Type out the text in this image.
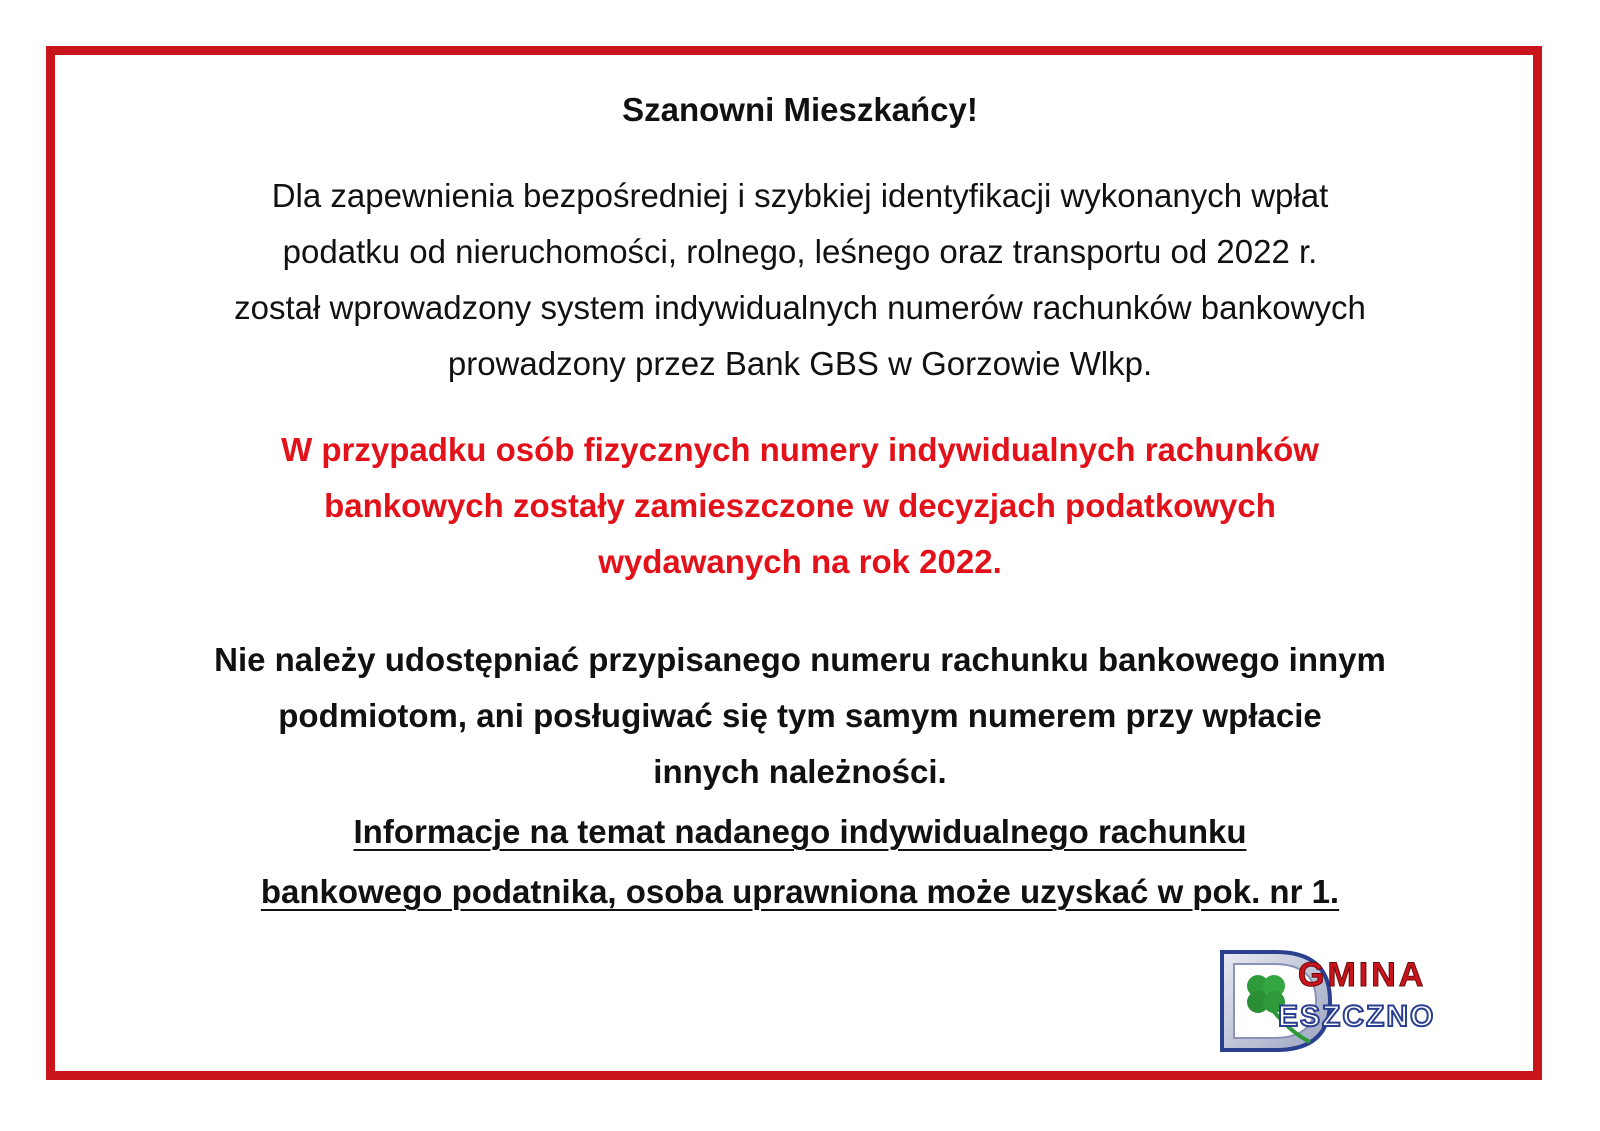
Szanowni Mieszkańcy!

Dla zapewnienia bezpośredniej i szybkiej identyfikacji wykonanych wpłat
podatku od nieruchomości, rolnego, leśnego oraz transportu od 2022 r.
został wprowadzony system indywidualnych numerów rachunków bankowych
prowadzony przez Bank GBS w Gorzowie Wlkp.

W przypadku osób fizycznych numery indywidualnych rachunków
bankowych zostały zamieszczone w decyzjach podatkowych
wydawanych na rok 2022.

Nie należy udostępniać przypisanego numeru rachunku bankowego innym
podmiotom, ani posługiwać się tym samym numerem przy wpłacie
innych należności.

Informacje na temat nadanego indywidualnego rachunku
bankowego podatnika, osoba uprawniona może uzyskać w pok. nr 1.

GMINA
ESZCZNO
